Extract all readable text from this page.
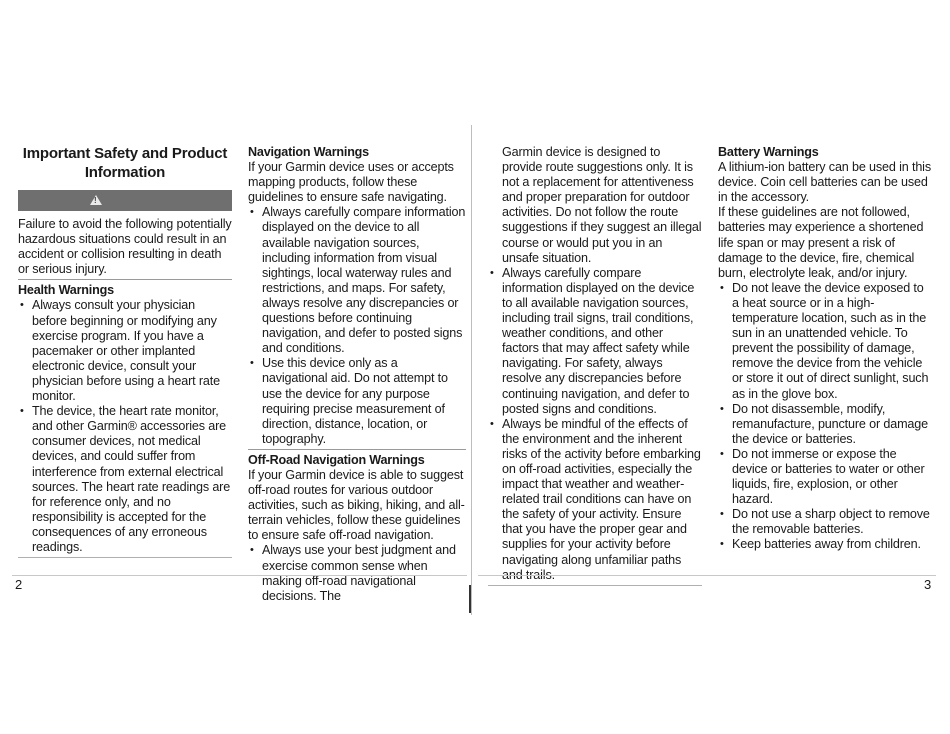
Important Safety and Product Information
!

Failure to avoid the following potentially hazardous situations could result in an accident or collision resulting in death or serious injury.

Health Warnings
• Always consult your physician before beginning or modifying any exercise program. If you have a pacemaker or other implanted electronic device, consult your physician before using a heart rate monitor.
• The device, the heart rate monitor, and other Garmin® accessories are consumer devices, not medical devices, and could suffer from interference from external electrical sources. The heart rate readings are for reference only, and no responsibility is accepted for the consequences of any erroneous readings.
Navigation Warnings

If your Garmin device uses or accepts mapping products, follow these guidelines to ensure safe navigating.

• Always carefully compare information displayed on the device to all available navigation sources, including information from visual sightings, local waterway rules and restrictions, and maps. For safety, always resolve any discrepancies or questions before continuing navigation, and defer to posted signs and conditions.
• Use this device only as a navigational aid. Do not attempt to use the device for any purpose requiring precise measurement of direction, distance, location, or topography.
Off-Road Navigation Warnings

If your Garmin device is able to suggest off-road routes for various outdoor activities, such as biking, hiking, and all-terrain vehicles, follow these guidelines to ensure safe off-road navigation.

• Always use your best judgment and exercise common sense when making off-road navigational decisions. The

Garmin device is designed to provide route suggestions only. It is not a replacement for attentiveness and proper preparation for outdoor activities. Do not follow the route suggestions if they suggest an illegal course or would put you in an unsafe situation.

• Always carefully compare information displayed on the device to all available navigation sources, including trail signs, trail conditions, weather conditions, and other factors that may affect safety while navigating. For safety, always resolve any discrepancies before continuing navigation, and defer to posted signs and conditions.
• Always be mindful of the effects of the environment and the inherent risks of the activity before embarking on off-road activities, especially the impact that weather and weather-related trail conditions can have on the safety of your activity. Ensure that you have the proper gear and supplies for your activity before navigating along unfamiliar paths and trails.
Battery Warnings

A lithium-ion battery can be used in this device. Coin cell batteries can be used in the accessory.

If these guidelines are not followed, batteries may experience a shortened life span or may present a risk of damage to the device, fire, chemical burn, electrolyte leak, and/or injury.

• Do not leave the device exposed to a heat source or in a high-temperature location, such as in the sun in an unattended vehicle. To prevent the possibility of damage, remove the device from the vehicle or store it out of direct sunlight, such as in the glove box.
• Do not disassemble, modify, remanufacture, puncture or damage the device or batteries.
• Do not immerse or expose the device or batteries to water or other liquids, fire, explosion, or other hazard.
• Do not use a sharp object to remove the removable batteries.
• Keep batteries away from children.
2	3
